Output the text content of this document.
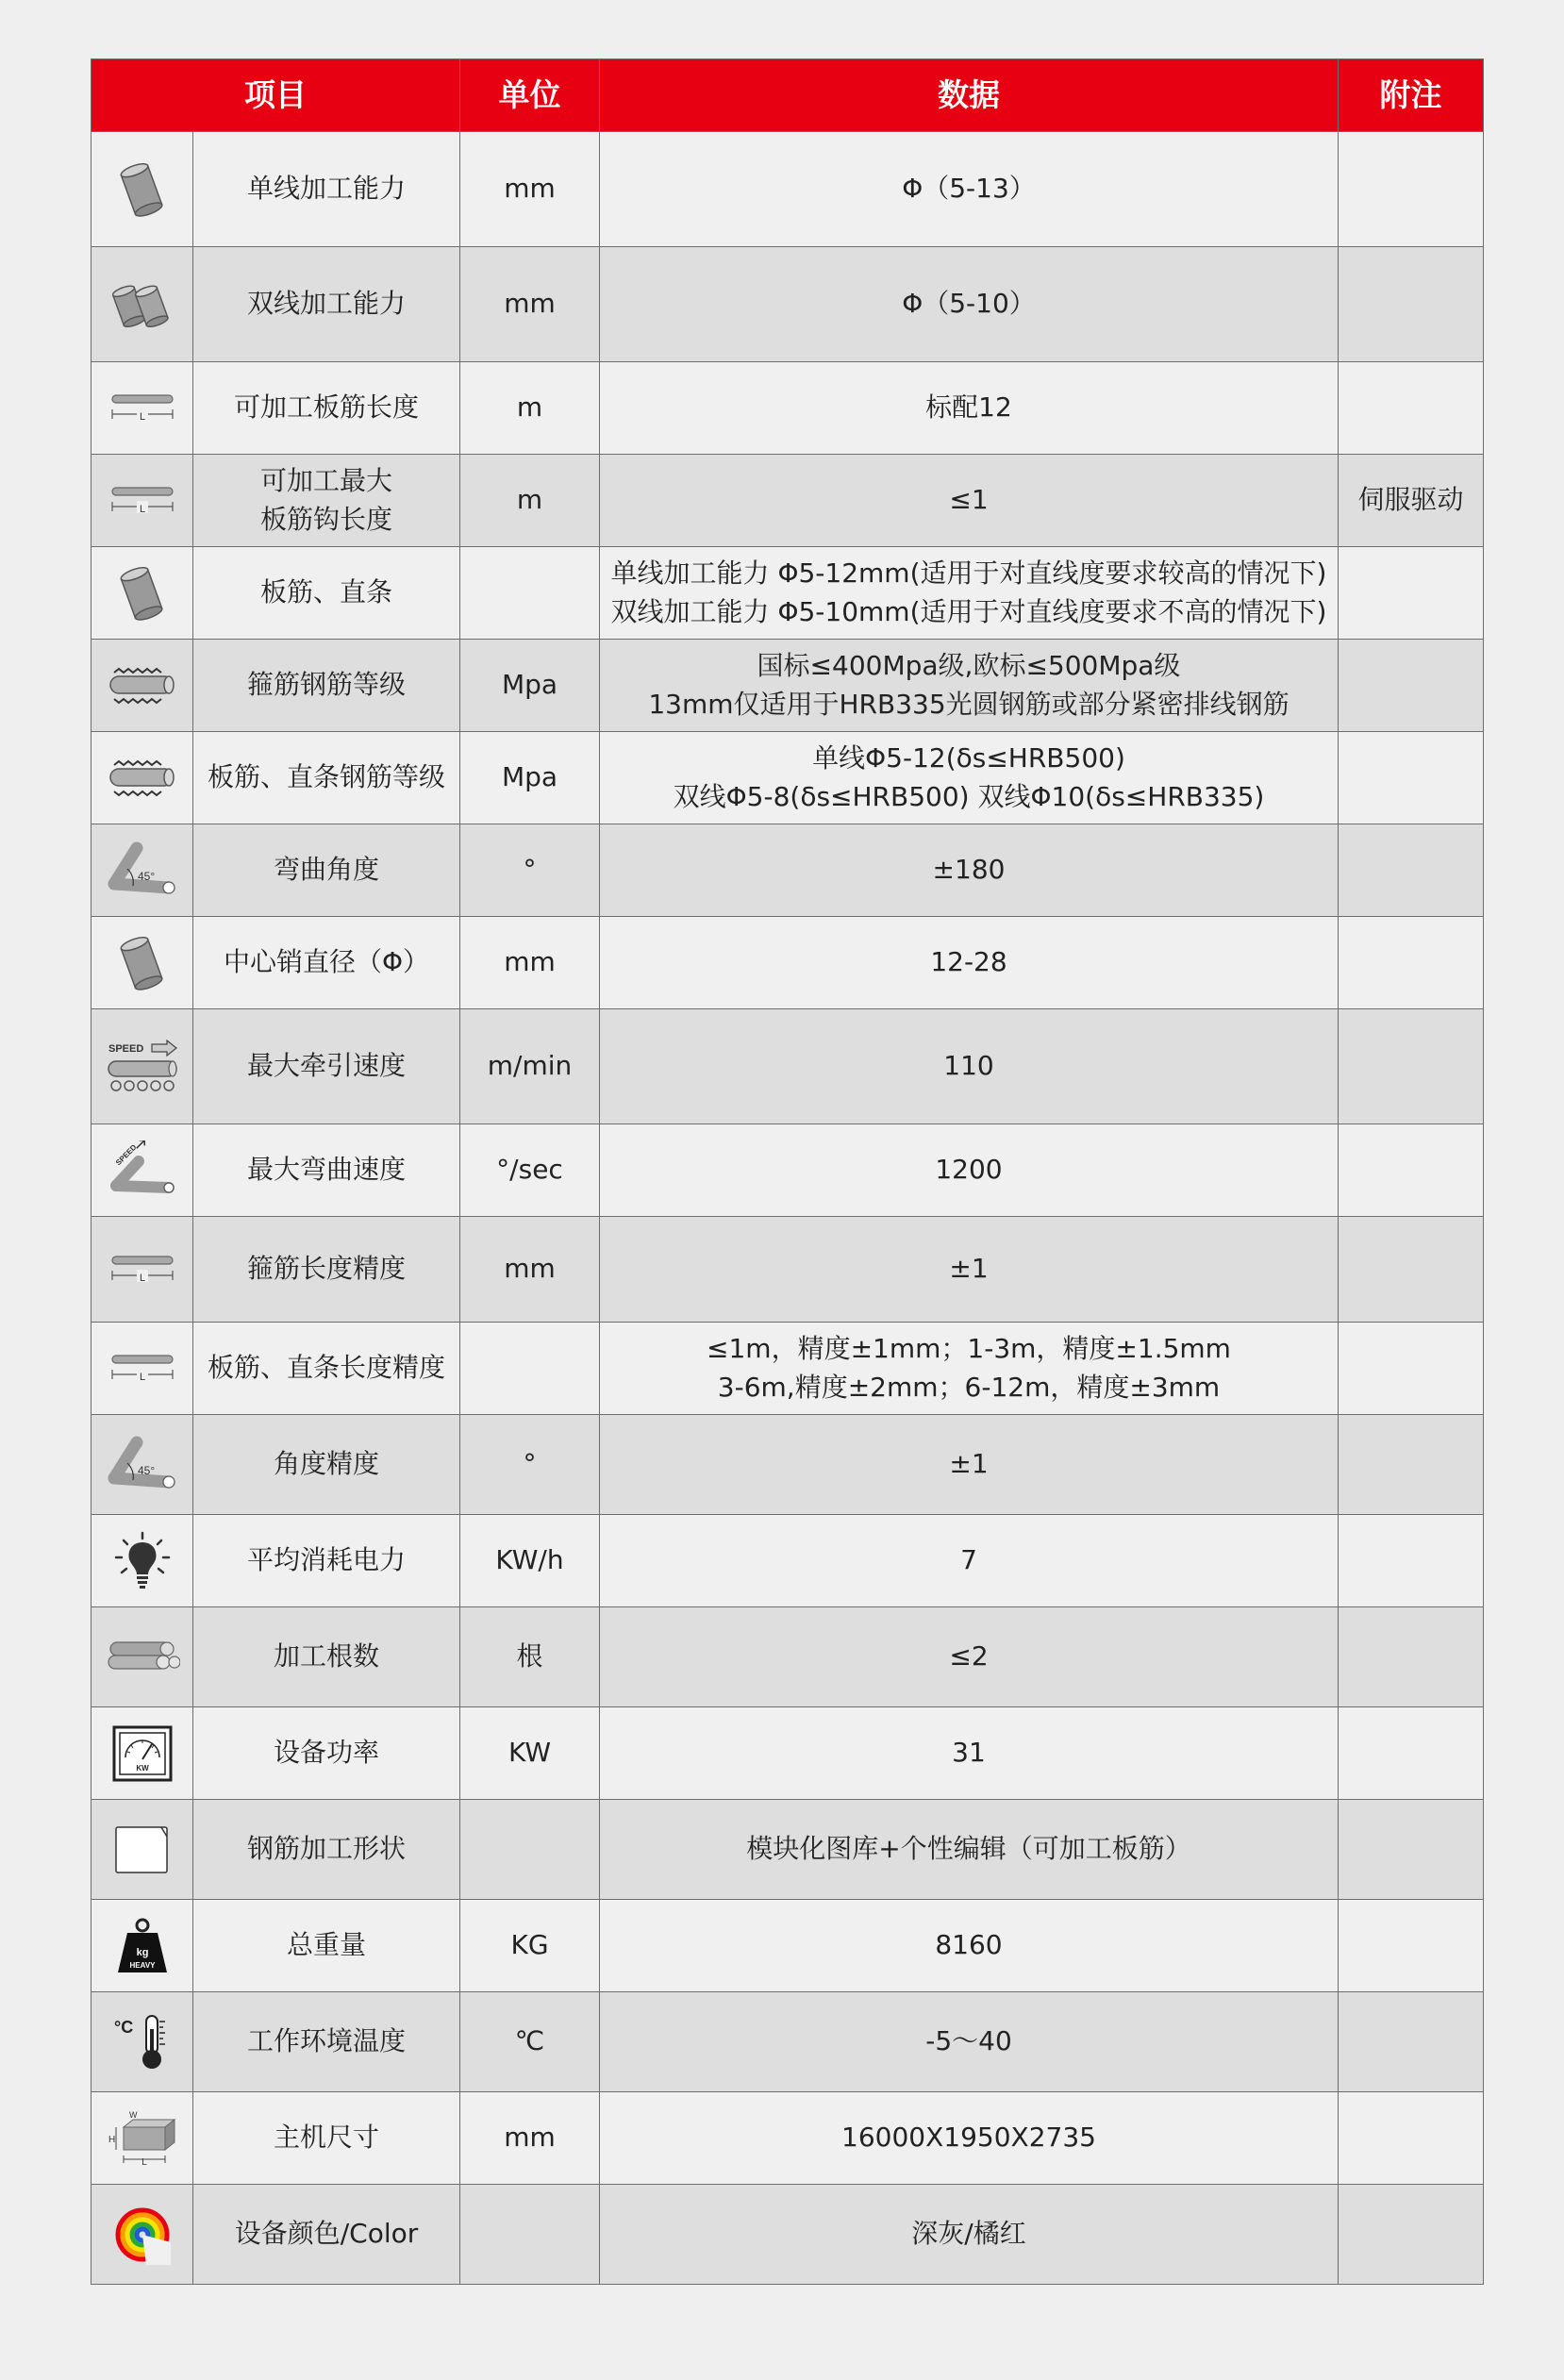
项目		单位	数据	附注

	单线加工能力	mm	Φ（5-13）	

	双线加工能力	mm	Φ（5-10）	

L	可加工板筋长度	m	标配12	

L	可加工最大
板筋钩长度	m	≤1	伺服驱动

	板筋、直条		单线加工能力 Φ5-12mm(适用于对直线度要求较高的情况下)
双线加工能力 Φ5-10mm(适用于对直线度要求不高的情况下)	

	箍筋钢筋等级	Mpa	国标≤400Mpa级,欧标≤500Mpa级
13mm仅适用于HRB335光圆钢筋或部分紧密排线钢筋	

	板筋、直条钢筋等级	Mpa	单线Φ5-12(δs≤HRB500)
双线Φ5-8(δs≤HRB500) 双线Φ10(δs≤HRB335)	

45°	弯曲角度	°	±180	

	中心销直径（Φ）	mm	12-28	

SPEED	最大牵引速度	m/min	110	

SPEED	最大弯曲速度	°/sec	1200	

L	箍筋长度精度	mm	±1	

L	板筋、直条长度精度		≤1m，精度±1mm；1-3m，精度±1.5mm
3-6m,精度±2mm；6-12m，精度±3mm	

45°	角度精度	°	±1	

	平均消耗电力	KW/h	7	

	加工根数	根	≤2	

KW	设备功率	KW	31	

	钢筋加工形状		模块化图库+个性编辑（可加工板筋）	

kg
HEAVY	总重量	KG	8160	

°C	工作环境温度	℃	-5～40	

H
L
W	主机尺寸	mm	16000X1950X2735	

	设备颜色/Color		深灰/橘红	
